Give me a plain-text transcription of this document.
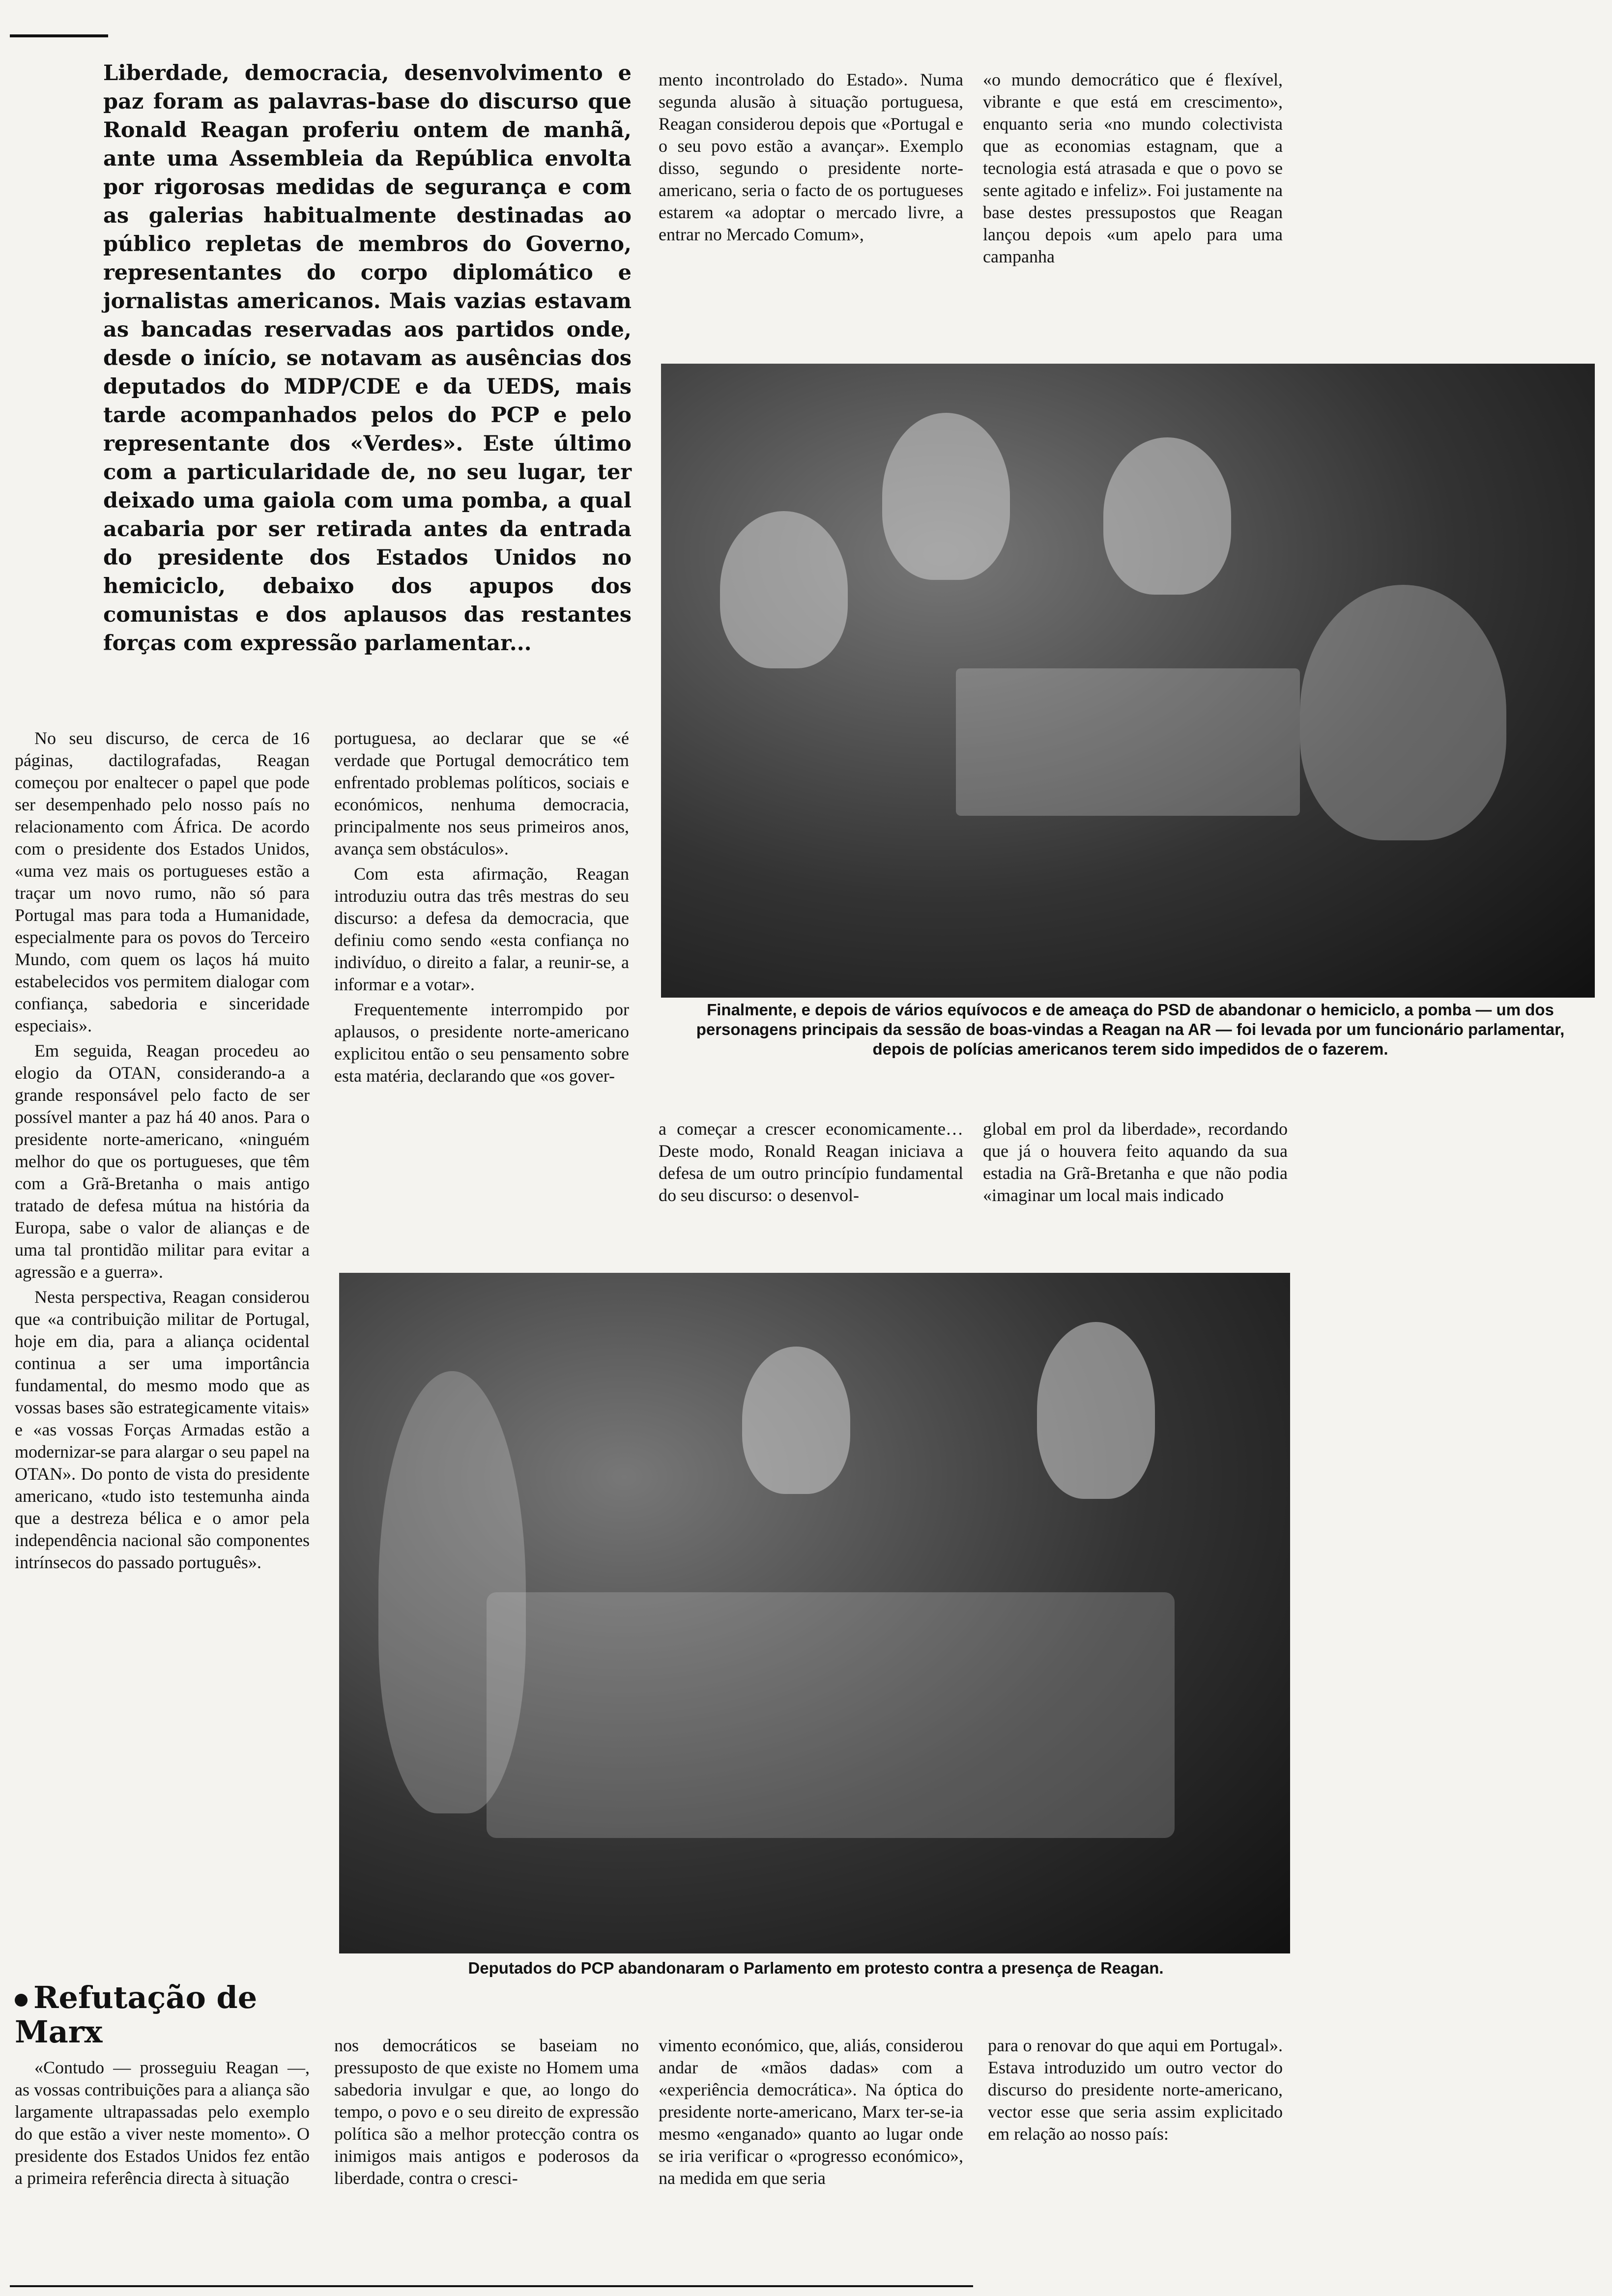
Liberdade, democracia, desenvolvimento e paz foram as palavras-base do discurso que Ronald Reagan proferiu ontem de manhã, ante uma Assembleia da República envolta por rigorosas medidas de segurança e com as galerias habitualmente destinadas ao público repletas de membros do Governo, representantes do corpo diplomático e jornalistas americanos. Mais vazias estavam as bancadas reservadas aos partidos onde, desde o início, se notavam as ausências dos deputados do MDP/CDE e da UEDS, mais tarde acompanhados pelos do PCP e pelo representante dos «Verdes». Este último com a particularidade de, no seu lugar, ter deixado uma gaiola com uma pomba, a qual acabaria por ser retirada antes da entrada do presidente dos Estados Unidos no hemiciclo, debaixo dos apupos dos comunistas e dos aplausos das restantes forças com expressão parlamentar...

mento incontrolado do Estado». Numa segunda alusão à situação portuguesa, Reagan considerou depois que «Portugal e o seu povo estão a avançar». Exemplo disso, segundo o presidente norte-americano, seria o facto de os portugueses estarem «a adoptar o mercado livre, a entrar no Mercado Comum»,

«o mundo democrático que é flexível, vibrante e que está em crescimento», enquanto seria «no mundo colectivista que as economias estagnam, que a tecnologia está atrasada e que o povo se sente agitado e infeliz». Foi justamente na base destes pressupostos que Reagan lançou depois «um apelo para uma campanha

Finalmente, e depois de vários equívocos e de ameaça do PSD de abandonar o hemiciclo, a pomba — um dos personagens principais da sessão de boas-vindas a Reagan na AR — foi levada por um funcionário parlamentar, depois de polícias americanos terem sido impedidos de o fazerem.

No seu discurso, de cerca de 16 páginas, dactilografadas, Reagan começou por enaltecer o papel que pode ser desempenhado pelo nosso país no relacionamento com África. De acordo com o presidente dos Estados Unidos, «uma vez mais os portugueses estão a traçar um novo rumo, não só para Portugal mas para toda a Humanidade, especialmente para os povos do Terceiro Mundo, com quem os laços há muito estabelecidos vos permitem dialogar com confiança, sabedoria e sinceridade especiais».

Em seguida, Reagan procedeu ao elogio da OTAN, considerando-a a grande responsável pelo facto de ser possível manter a paz há 40 anos. Para o presidente norte-americano, «ninguém melhor do que os portugueses, que têm com a Grã-Bretanha o mais antigo tratado de defesa mútua na história da Europa, sabe o valor de alianças e de uma tal prontidão militar para evitar a agressão e a guerra».

Nesta perspectiva, Reagan considerou que «a contribuição militar de Portugal, hoje em dia, para a aliança ocidental continua a ser uma importância fundamental, do mesmo modo que as vossas bases são estrategicamente vitais» e «as vossas Forças Armadas estão a modernizar-se para alargar o seu papel na OTAN». Do ponto de vista do presidente americano, «tudo isto testemunha ainda que a destreza bélica e o amor pela independência nacional são componentes intrínsecos do passado português».

portuguesa, ao declarar que se «é verdade que Portugal democrático tem enfrentado problemas políticos, sociais e económicos, nenhuma democracia, principalmente nos seus primeiros anos, avança sem obstáculos».

Com esta afirmação, Reagan introduziu outra das três mestras do seu discurso: a defesa da democracia, que definiu como sendo «esta confiança no indivíduo, o direito a falar, a reunir-se, a informar e a votar».

Frequentemente interrompido por aplausos, o presidente norte-americano explicitou então o seu pensamento sobre esta matéria, declarando que «os gover-

a começar a crescer economicamente… Deste modo, Ronald Reagan iniciava a defesa de um outro princípio fundamental do seu discurso: o desenvol-

global em prol da liberdade», recordando que já o houvera feito aquando da sua estadia na Grã-Bretanha e que não podia «imaginar um local mais indicado

Deputados do PCP abandonaram o Parlamento em protesto contra a presença de Reagan.
Refutação de Marx

«Contudo — prosseguiu Reagan —, as vossas contribuições para a aliança são largamente ultrapassadas pelo exemplo do que estão a viver neste momento». O presidente dos Estados Unidos fez então a primeira referência directa à situação

nos democráticos se baseiam no pressuposto de que existe no Homem uma sabedoria invulgar e que, ao longo do tempo, o povo e o seu direito de expressão política são a melhor protecção contra os inimigos mais antigos e poderosos da liberdade, contra o cresci-

vimento económico, que, aliás, considerou andar de «mãos dadas» com a «experiência democrática». Na óptica do presidente norte-americano, Marx ter-se-ia mesmo «enganado» quanto ao lugar onde se iria verificar o «progresso económico», na medida em que seria

para o renovar do que aqui em Portugal». Estava introduzido um outro vector do discurso do presidente norte-americano, vector esse que seria assim explicitado em relação ao nosso país:
